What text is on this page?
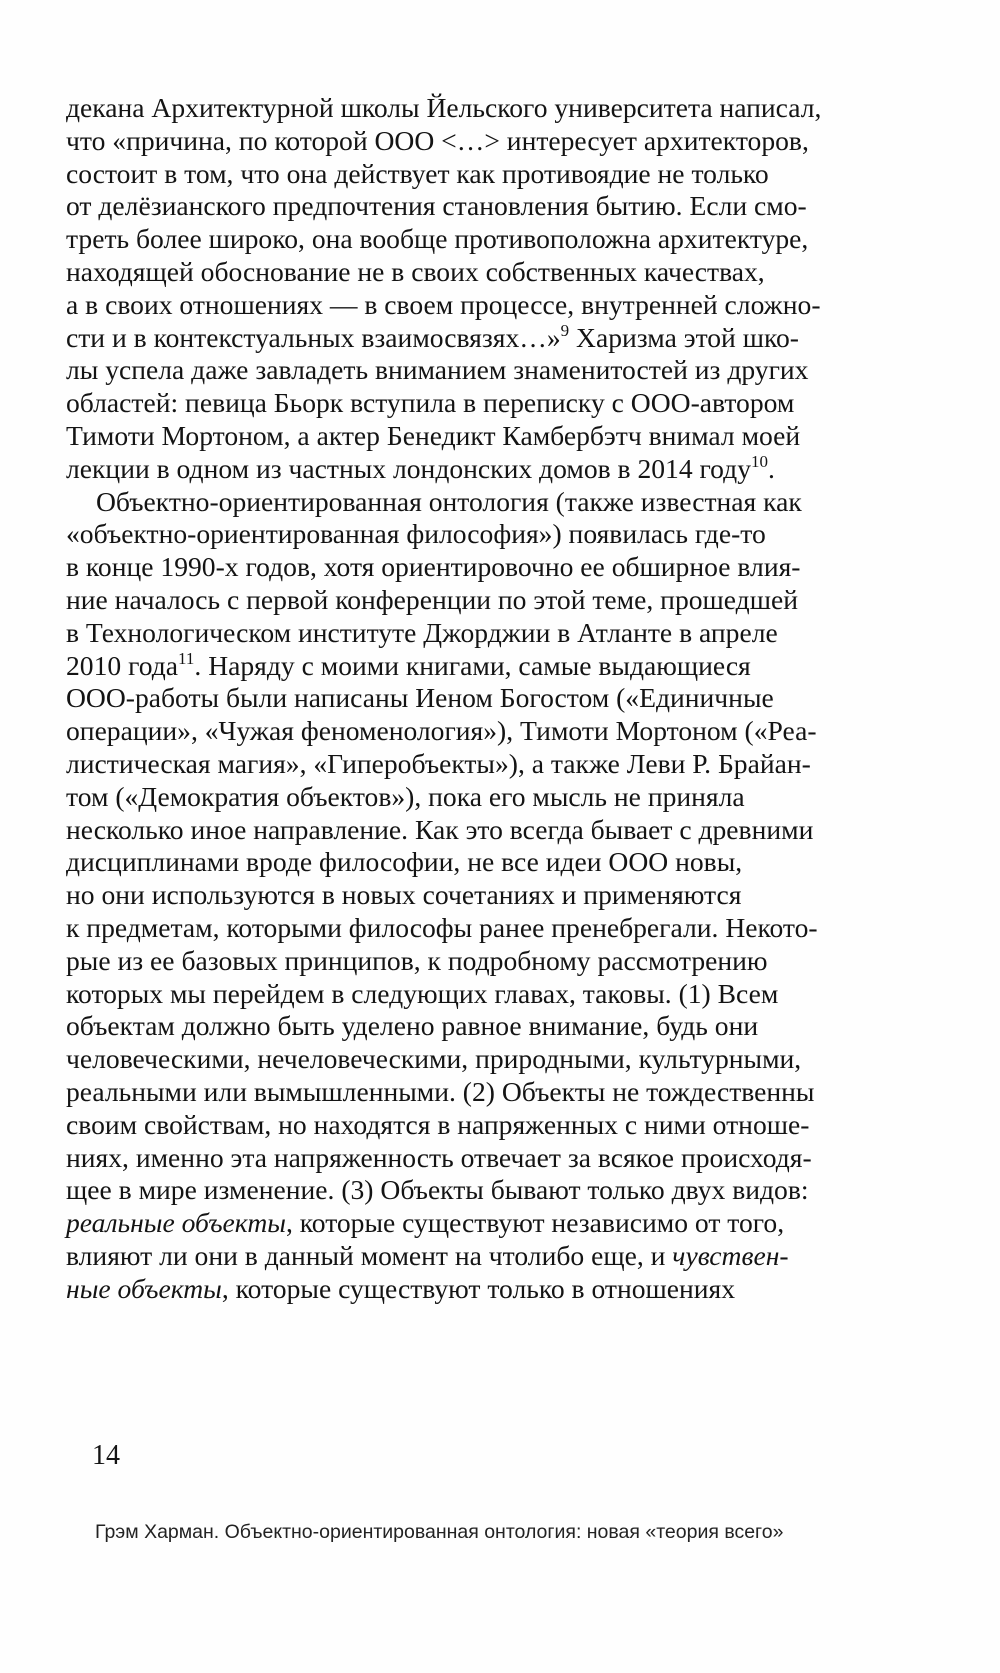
декана Архитектурной школы Йельского университета написал,
что «причина, по которой ООО <…> интересует архитекторов,
состоит в том, что она действует как противоядие не только
от делёзианского предпочтения становления бытию. Если смо-
треть более широко, она вообще противоположна архитектуре,
находящей обоснование не в своих собственных качествах,
а в своих отношениях — в своем процессе, внутренней сложно-
сти и в контекстуальных взаимосвязях…»$^9$ Харизма этой шко-
лы успела даже завладеть вниманием знаменитостей из других
областей: певица Бьорк вступила в переписку с ООО-автором
Тимоти Мортоном, а актер Бенедикт Камбербэтч внимал моей
лекции в одном из частных лондонских домов в 2014 году$^{10}$.
Объектно-ориентированная онтология (также известная как
«объектно-ориентированная философия») появилась где-то
в конце 1990-х годов, хотя ориентировочно ее обширное влия-
ние началось с первой конференции по этой теме, прошедшей
в Технологическом институте Джорджии в Атланте в апреле
2010 года$^{11}$. Наряду с моими книгами, самые выдающиеся
ООО-работы были написаны Иеном Богостом («Единичные
операции», «Чужая феноменология»), Тимоти Мортоном («Реа-
листическая магия», «Гиперобъекты»), а также Леви Р. Брайан-
том («Демократия объектов»), пока его мысль не приняла
несколько иное направление. Как это всегда бывает с древними
дисциплинами вроде философии, не все идеи ООО новы,
но они используются в новых сочетаниях и применяются
к предметам, которыми философы ранее пренебрегали. Некото-
рые из ее базовых принципов, к подробному рассмотрению
которых мы перейдем в следующих главах, таковы. (1) Всем
объектам должно быть уделено равное внимание, будь они
человеческими, нечеловеческими, природными, культурными,
реальными или вымышленными. (2) Объекты не тождественны
своим свойствам, но находятся в напряженных с ними отноше-
ниях, именно эта напряженность отвечает за всякое происходя-
щее в мире изменение. (3) Объекты бывают только двух видов:
реальные объекты, которые существуют независимо от того,
влияют ли они в данный момент на чтолибо еще, и чувствен-
ные объекты, которые существуют только в отношениях
14
Грэм Харман. Объектно-ориентированная онтология: новая «теория всего»
